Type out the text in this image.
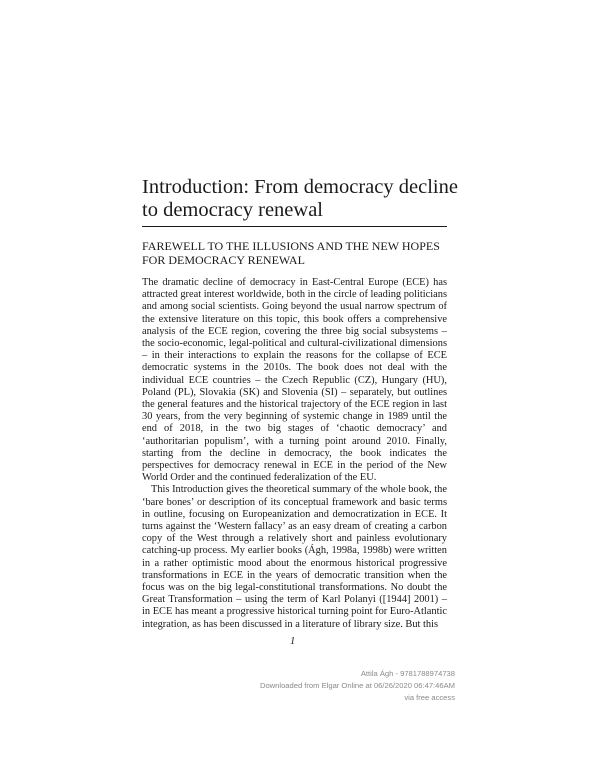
Introduction: From democracy decline to democracy renewal
FAREWELL TO THE ILLUSIONS AND THE NEW HOPES FOR DEMOCRACY RENEWAL

The dramatic decline of democracy in East-Central Europe (ECE) has attracted great interest worldwide, both in the circle of leading politicians and among social scientists. Going beyond the usual narrow spectrum of the extensive literature on this topic, this book offers a comprehensive analysis of the ECE region, covering the three big social subsystems – the socio-economic, legal-political and cultural-civilizational dimensions – in their interactions to explain the reasons for the collapse of ECE democratic systems in the 2010s. The book does not deal with the individual ECE countries – the Czech Republic (CZ), Hungary (HU), Poland (PL), Slovakia (SK) and Slovenia (SI) – separately, but outlines the general features and the historical trajectory of the ECE region in last 30 years, from the very beginning of systemic change in 1989 until the end of 2018, in the two big stages of ‘chaotic democracy’ and ‘authoritarian populism’, with a turning point around 2010. Finally, starting from the decline in democracy, the book indicates the perspectives for democracy renewal in ECE in the period of the New World Order and the continued federalization of the EU.

This Introduction gives the theoretical summary of the whole book, the ‘bare bones’ or description of its conceptual framework and basic terms in outline, focusing on Europeanization and democratization in ECE. It turns against the ‘Western fallacy’ as an easy dream of creating a carbon copy of the West through a relatively short and painless evolutionary catching-up process. My earlier books (Ágh, 1998a, 1998b) were written in a rather optimistic mood about the enormous historical progressive transformations in ECE in the years of democratic transition when the focus was on the big legal-constitutional transformations. No doubt the Great Transformation – using the term of Karl Polanyi ([1944] 2001) – in ECE has meant a progressive historical turning point for Euro-Atlantic integration, as has been discussed in a literature of library size. But this

1
Attila Ágh - 9781788974738
Downloaded from Elgar Online at 06/26/2020 06:47:46AM
via free access
